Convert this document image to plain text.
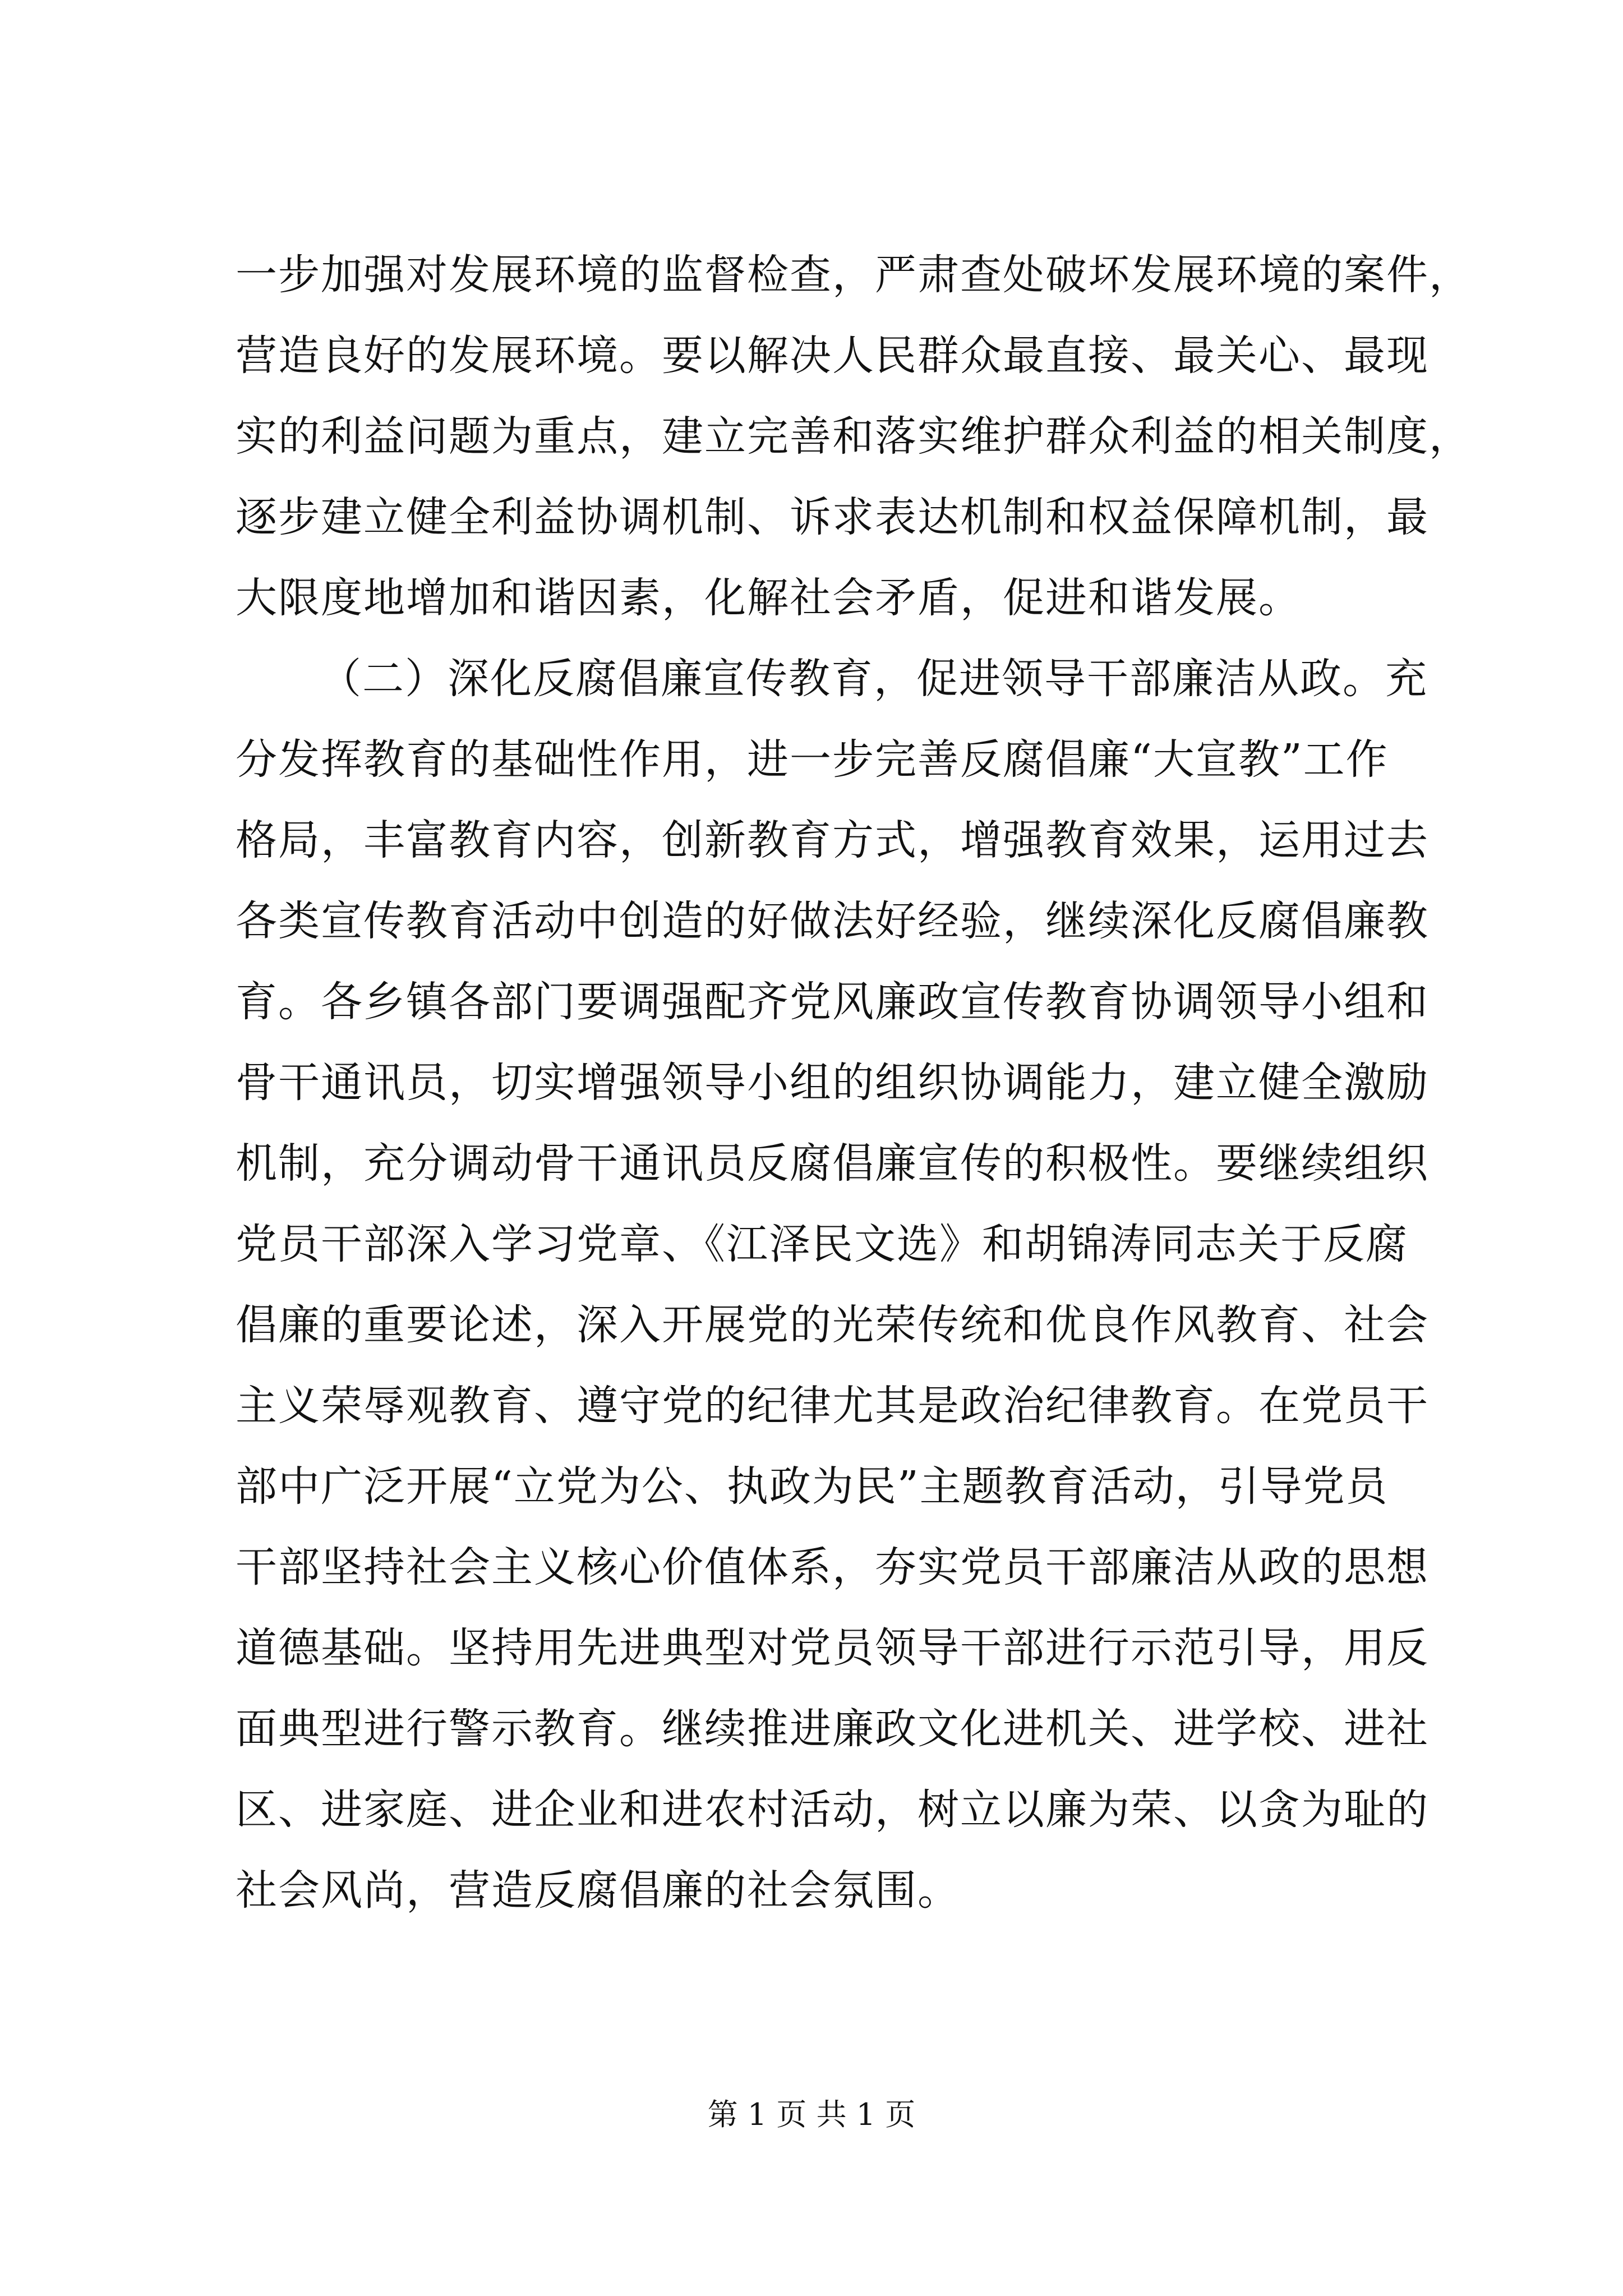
一步加强对发展环境的监督检查，严肃查处破坏发展环境的案件，
营造良好的发展环境。要以解决人民群众最直接、最关心、最现
实的利益问题为重点，建立完善和落实维护群众利益的相关制度，
逐步建立健全利益协调机制、诉求表达机制和权益保障机制，最
大限度地增加和谐因素，化解社会矛盾，促进和谐发展。
（二）深化反腐倡廉宣传教育，促进领导干部廉洁从政。充
分发挥教育的基础性作用，进一步完善反腐倡廉“大宣教”工作
格局，丰富教育内容，创新教育方式，增强教育效果，运用过去
各类宣传教育活动中创造的好做法好经验，继续深化反腐倡廉教
育。各乡镇各部门要调强配齐党风廉政宣传教育协调领导小组和
骨干通讯员，切实增强领导小组的组织协调能力，建立健全激励
机制，充分调动骨干通讯员反腐倡廉宣传的积极性。要继续组织
党员干部深入学习党章、《江泽民文选》和胡锦涛同志关于反腐
倡廉的重要论述，深入开展党的光荣传统和优良作风教育、社会
主义荣辱观教育、遵守党的纪律尤其是政治纪律教育。在党员干
部中广泛开展“立党为公、执政为民”主题教育活动，引导党员
干部坚持社会主义核心价值体系，夯实党员干部廉洁从政的思想
道德基础。坚持用先进典型对党员领导干部进行示范引导，用反
面典型进行警示教育。继续推进廉政文化进机关、进学校、进社
区、进家庭、进企业和进农村活动，树立以廉为荣、以贪为耻的
社会风尚，营造反腐倡廉的社会氛围。
第 1 页 共 1 页
